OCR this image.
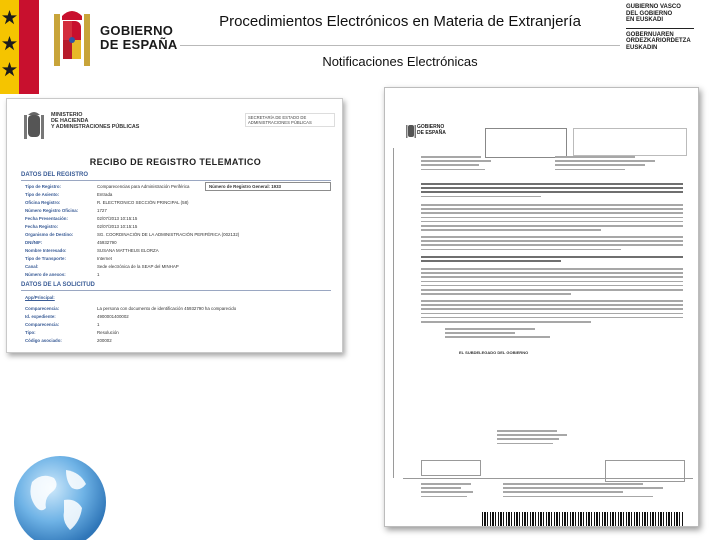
GOBIERNO
DE ESPAÑA
Procedimientos Electrónicos en Materia de Extranjería
Notificaciones Electrónicas
GUBIERNO VASCO
DEL GOBIERNO
EN EUSKADI
GOBERNUAREN
ORDEZKARIORDETZA
EUSKADIN
MINISTERIO
DE HACIENDA
Y ADMINISTRACIONES PÚBLICAS
SECRETARÍA DE ESTADO DE
ADMINISTRACIONES PÚBLICAS
RECIBO DE REGISTRO TELEMATICO
DATOS DEL REGISTRO
Número de Registro General: 1933
Tipo de Registro:	Comparecencias para Administración Periférica
Tipo de Asiento:	Entrada
Oficina Registro:	R. ELECTRONICO SECCIÓN PRINCIPAL (58)
Número Registro Oficina:	1727
Fecha Presentación:	02/07/2013 10:15:15
Fecha Registro:	02/07/2013 10:15:15
Organismo de Destino:	SG. COORDINACIÓN DE LA ADMINISTRACIÓN PERIFÉRICA (002132)
DNI/NIF:	45932790
Nombre Interesado:	SUSANA MATTHEUS ELORZA
Tipo de Transporte:	Internet
Canal:	Sede electrónica de la SEAP del MINHAP
Número de anexos:	1
DATOS DE LA SOLICITUD
App/Principal:
Comparecencia:	La persona con documento de identificación 45932790 ha comparecido
Id. expediente:	4900001400002
Comparecencia:	1
Tipo:	Resolución
Código asociado:	200002
GOBIERNO
DE ESPAÑA
EL SUBDELEGADO DEL GOBIERNO
